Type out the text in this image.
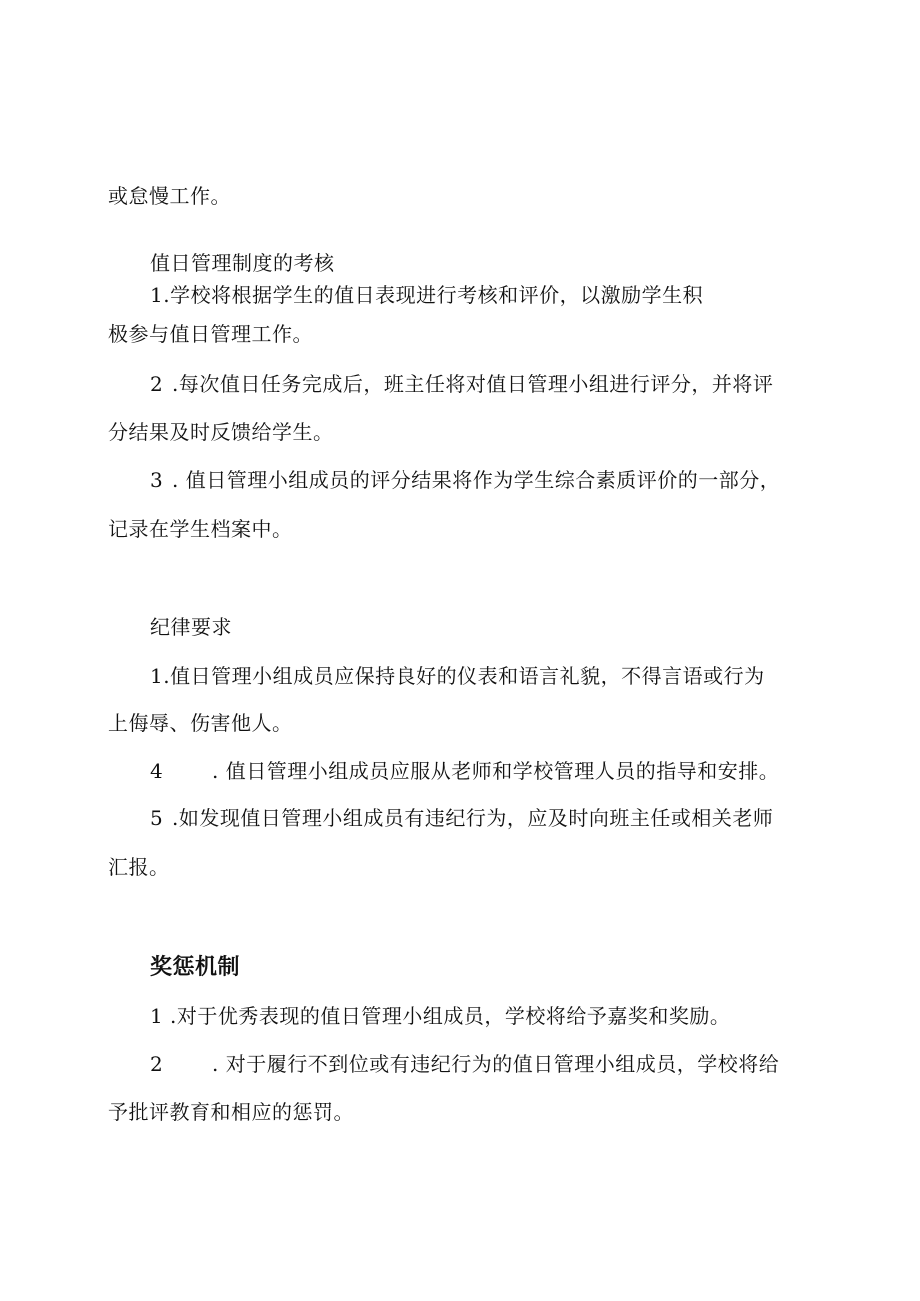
或怠慢工作。
值日管理制度的考核
1.学校将根据学生的值日表现进行考核和评价，以激励学生积
极参与值日管理工作。
2 .每次值日任务完成后，班主任将对值日管理小组进行评分，并将评
分结果及时反馈给学生。
3 . 值日管理小组成员的评分结果将作为学生综合素质评价的一部分，
记录在学生档案中。
纪律要求
1.值日管理小组成员应保持良好的仪表和语言礼貌，不得言语或行为
上侮辱、伤害他人。
4 . 值日管理小组成员应服从老师和学校管理人员的指导和安排。
5 .如发现值日管理小组成员有违纪行为，应及时向班主任或相关老师
汇报。
奖惩机制
1 .对于优秀表现的值日管理小组成员，学校将给予嘉奖和奖励。
2 . 对于履行不到位或有违纪行为的值日管理小组成员，学校将给
予批评教育和相应的惩罚。
